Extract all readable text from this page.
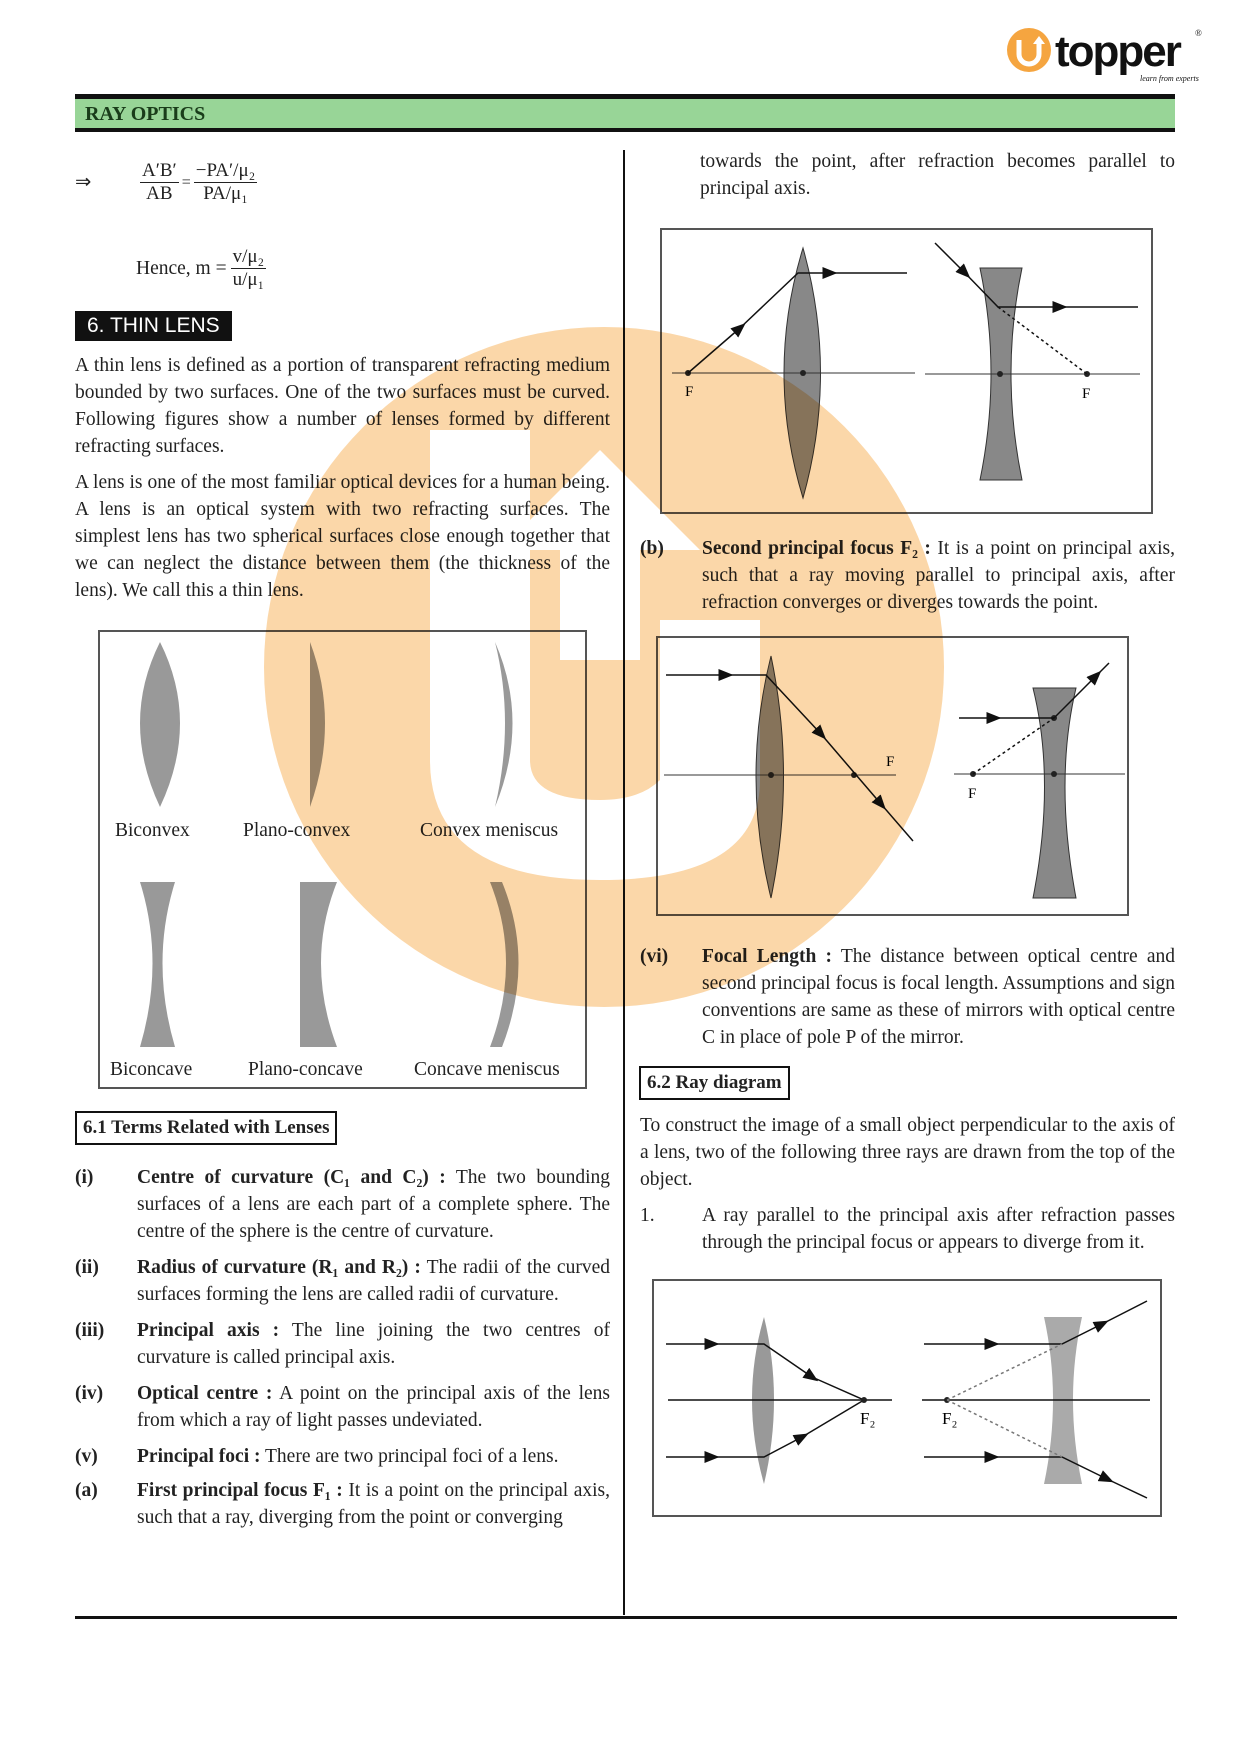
topper ®
learn from experts
RAY OPTICS
⇒	$\frac{A'B'}{AB} = \frac{\text{−PA′/μ₂}}{\text{PA/μ₁}}$
Hence, $m = \frac{\text{v/μ₂}}{\text{u/μ₁}}$
6. THIN LENS

A thin lens is defined as a portion of transparent refracting medium bounded by two surfaces. One of the two surfaces must be curved. Following figures show a number of lenses formed by different refracting surfaces.

A lens is one of the most familiar optical devices for a human being. A lens is an optical system with two refracting surfaces. The simplest lens has two spherical surfaces close enough together that we can neglect the distance between them (the thickness of the lens). We call this a thin lens.

Biconvex	Plano-convex	Convex meniscus
Biconcave	Plano-concave	Concave meniscus
6.1 Terms Related with Lenses
(i)	Centre of curvature (C₁ and C₂) : The two bounding surfaces of a lens are each part of a complete sphere. The centre of the sphere is the centre of curvature.
(ii)	Radius of curvature (R₁ and R₂) : The radii of the curved surfaces forming the lens are called radii of curvature.
(iii)	Principal axis : The line joining the two centres of curvature is called principal axis.
(iv)	Optical centre : A point on the principal axis of the lens from which a ray of light passes undeviated.
(v)	Principal foci : There are two principal foci of a lens.
(a)	First principal focus F₁ : It is a point on the principal axis, such that a ray, diverging from the point or converging

towards the point, after refraction becomes parallel to principal axis.

F	F
(b)	Second principal focus F₂ : It is a point on principal axis, such that a ray moving parallel to principal axis, after refraction converges or diverges towards the point.
F
F
(vi)	Focal Length : The distance between optical centre and second principal focus is focal length. Assumptions and sign conventions are same as these of mirrors with optical centre C in place of pole P of the mirror.
6.2 Ray diagram

To construct the image of a small object perpendicular to the axis of a lens, two of the following three rays are drawn from the top of the object.

1.	A ray parallel to the principal axis after refraction passes through the principal focus or appears to diverge from it.
F₂	F₂
